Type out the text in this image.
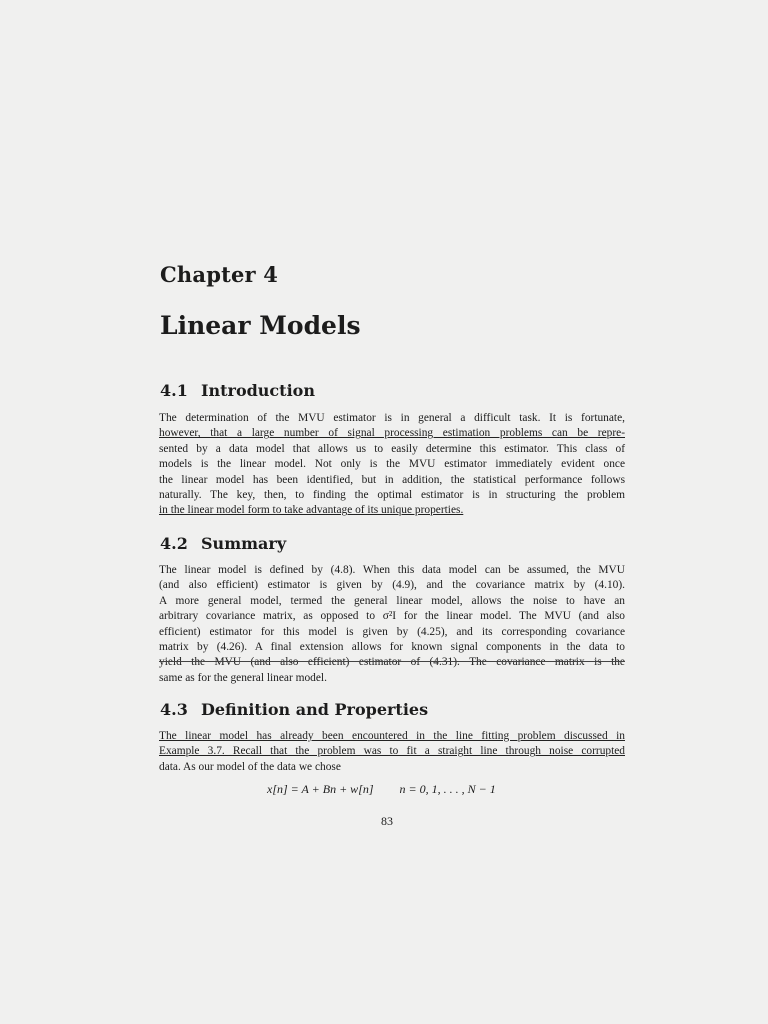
Chapter 4
Linear Models
4.1 Introduction
The determination of the MVU estimator is in general a difficult task. It is fortunate,
however, that a large number of signal processing estimation problems can be repre-
sented by a data model that allows us to easily determine this estimator. This class of
models is the linear model. Not only is the MVU estimator immediately evident once
the linear model has been identified, but in addition, the statistical performance follows
naturally. The key, then, to finding the optimal estimator is in structuring the problem
in the linear model form to take advantage of its unique properties.
4.2 Summary
The linear model is defined by (4.8). When this data model can be assumed, the MVU
(and also efficient) estimator is given by (4.9), and the covariance matrix by (4.10).
A more general model, termed the general linear model, allows the noise to have an
arbitrary covariance matrix, as opposed to σ²I for the linear model. The MVU (and also
efficient) estimator for this model is given by (4.25), and its corresponding covariance
matrix by (4.26). A final extension allows for known signal components in the data to
yield the MVU (and also efficient) estimator of (4.31). The covariance matrix is the
same as for the general linear model.
4.3 Definition and Properties
The linear model has already been encountered in the line fitting problem discussed in
Example 3.7. Recall that the problem was to fit a straight line through noise corrupted
data. As our model of the data we chose
x[n] = A + Bn + w[n] n = 0, 1, . . . , N − 1
83
